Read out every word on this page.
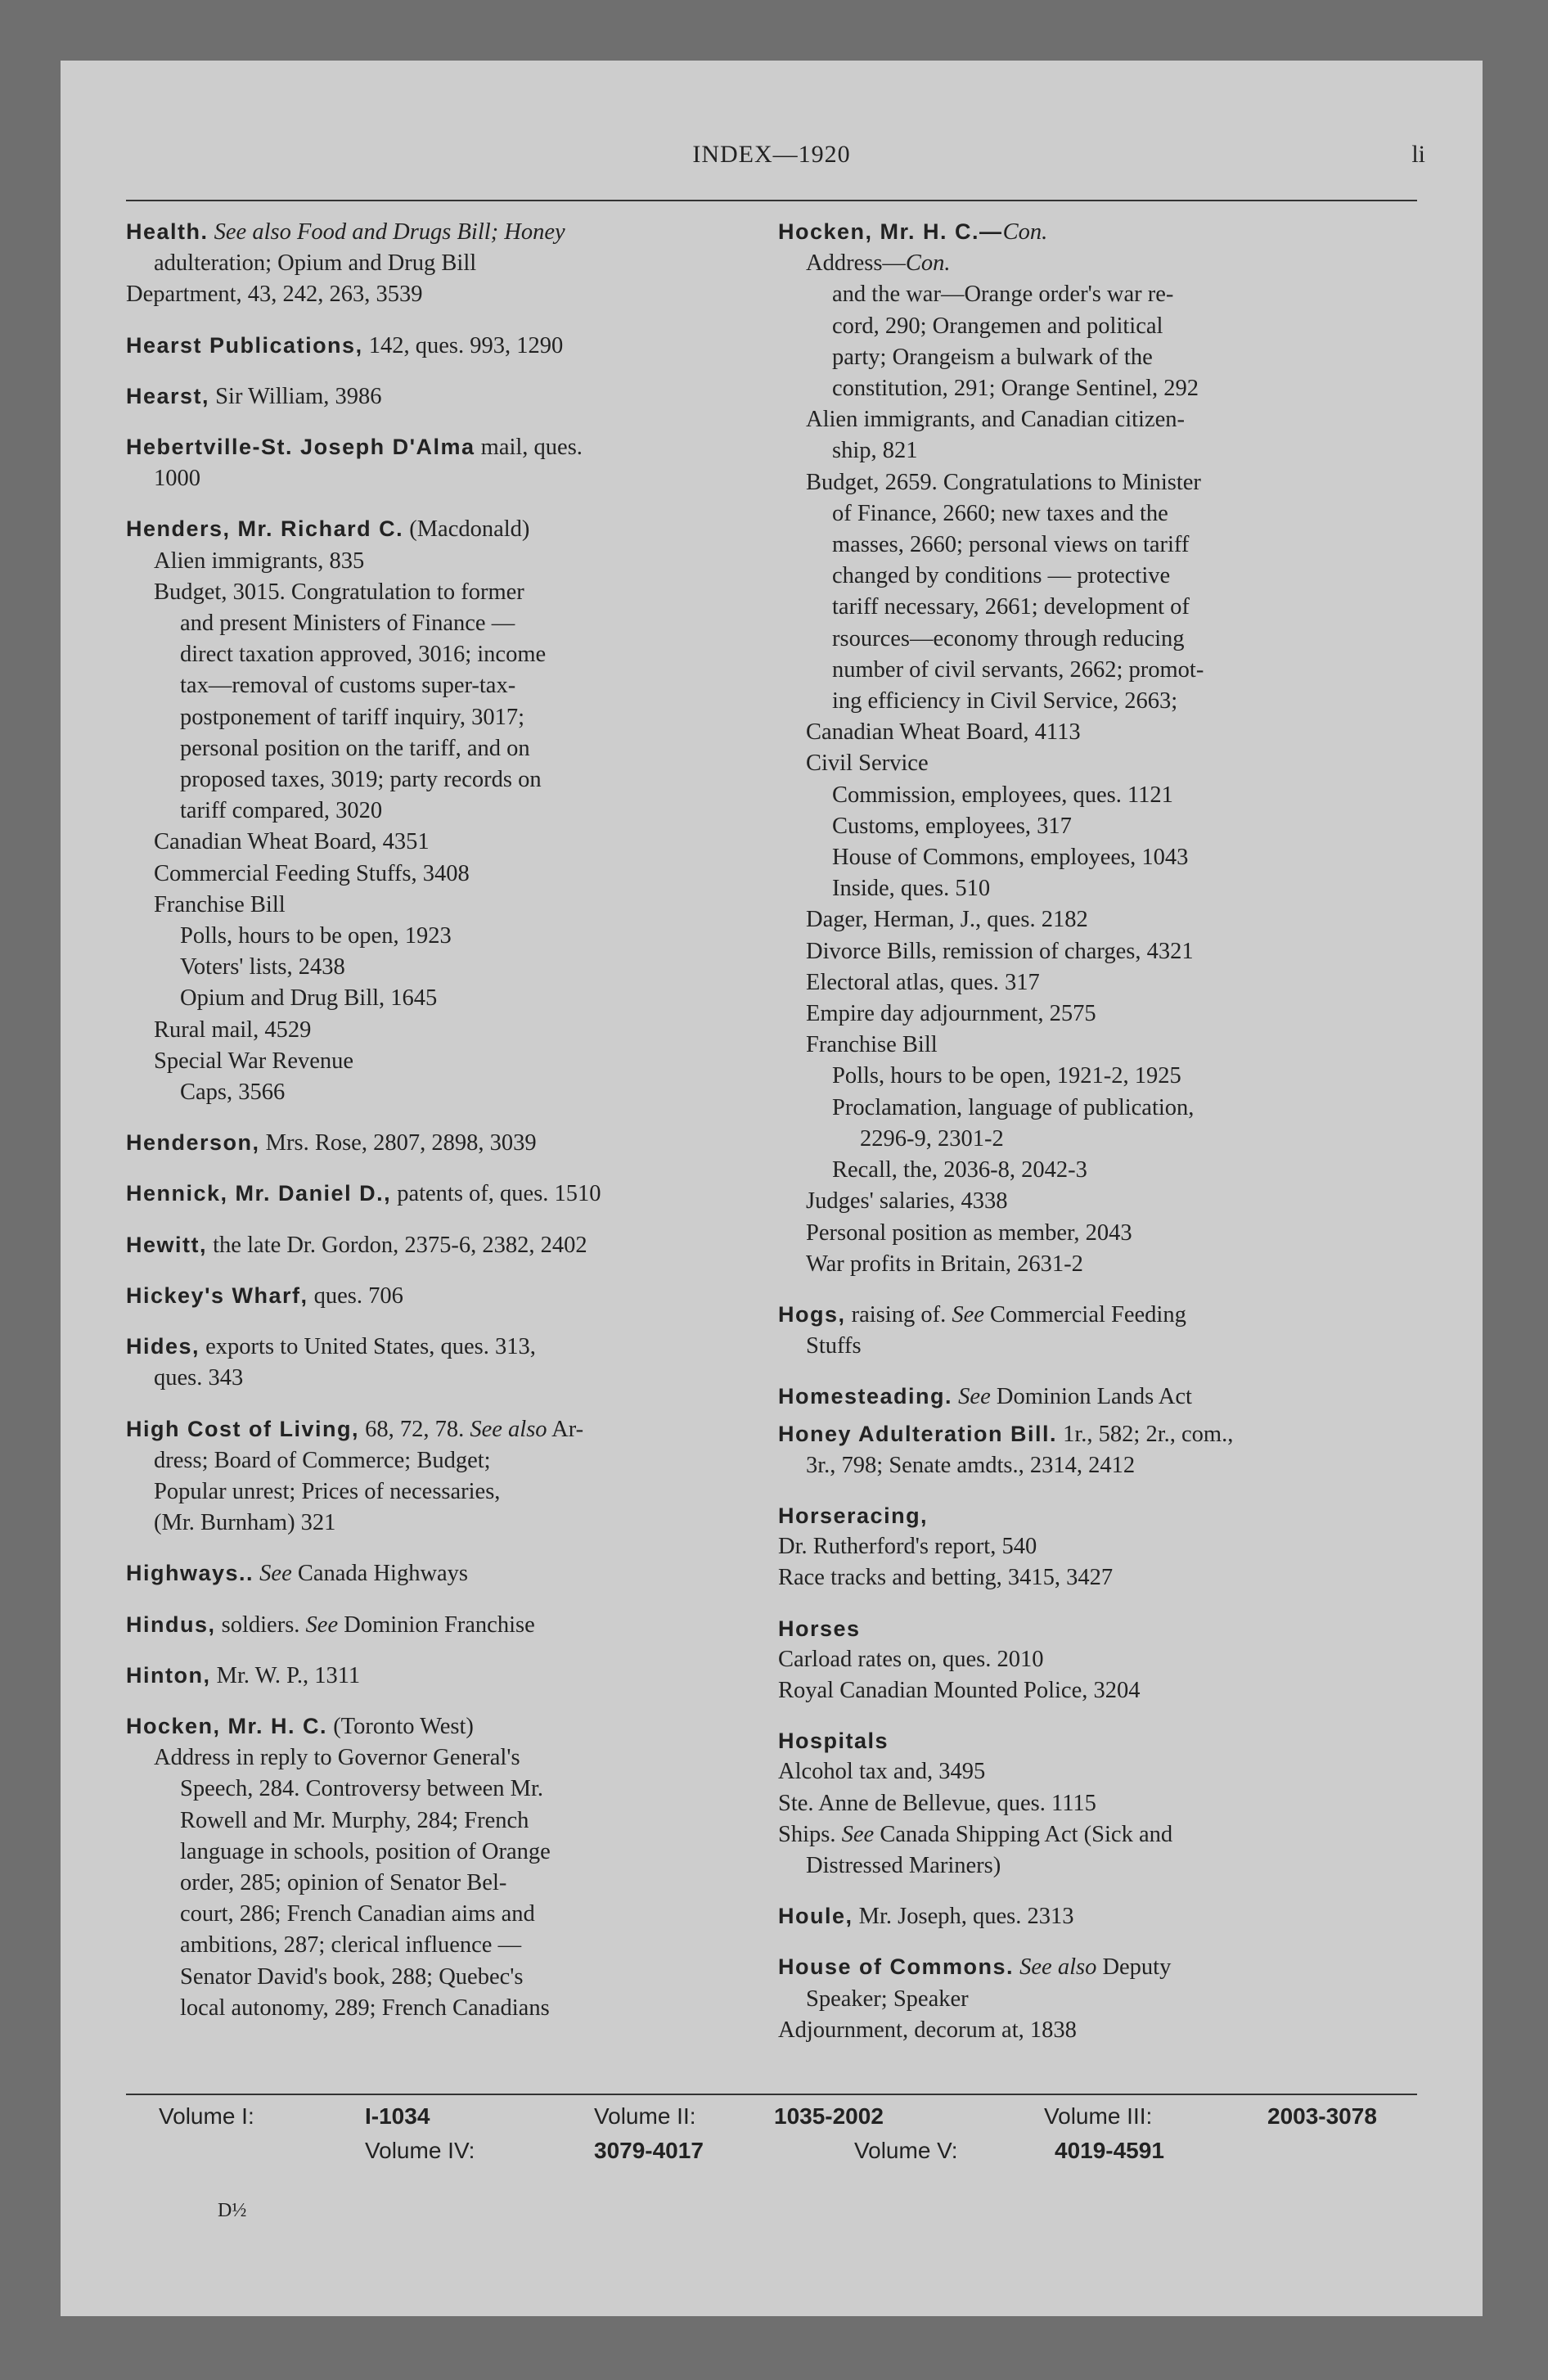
INDEX—1920	li
Health. See also Food and Drugs Bill; Honey
adulteration; Opium and Drug Bill
Department, 43, 242, 263, 3539
Hearst Publications, 142, ques. 993, 1290
Hearst, Sir William, 3986
Hebertville-St. Joseph D'Alma mail, ques.
1000
Henders, Mr. Richard C. (Macdonald)
Alien immigrants, 835
Budget, 3015. Congratulation to former
and present Ministers of Finance —
direct taxation approved, 3016; income
tax—removal of customs super-tax-
postponement of tariff inquiry, 3017;
personal position on the tariff, and on
proposed taxes, 3019; party records on
tariff compared, 3020
Canadian Wheat Board, 4351
Commercial Feeding Stuffs, 3408
Franchise Bill
Polls, hours to be open, 1923
Voters' lists, 2438
Opium and Drug Bill, 1645
Rural mail, 4529
Special War Revenue
Caps, 3566
Henderson, Mrs. Rose, 2807, 2898, 3039
Hennick, Mr. Daniel D., patents of, ques. 1510
Hewitt, the late Dr. Gordon, 2375-6, 2382, 2402
Hickey's Wharf, ques. 706
Hides, exports to United States, ques. 313,
ques. 343
High Cost of Living, 68, 72, 78. See also Ar-
dress; Board of Commerce; Budget;
Popular unrest; Prices of necessaries,
(Mr. Burnham) 321
Highways.. See Canada Highways
Hindus, soldiers. See Dominion Franchise
Hinton, Mr. W. P., 1311
Hocken, Mr. H. C. (Toronto West)
Address in reply to Governor General's
Speech, 284. Controversy between Mr.
Rowell and Mr. Murphy, 284; French
language in schools, position of Orange
order, 285; opinion of Senator Bel-
court, 286; French Canadian aims and
ambitions, 287; clerical influence —
Senator David's book, 288; Quebec's
local autonomy, 289; French Canadians
Hocken, Mr. H. C.—Con.
Address—Con.
and the war—Orange order's war re-
cord, 290; Orangemen and political
party; Orangeism a bulwark of the
constitution, 291; Orange Sentinel, 292
Alien immigrants, and Canadian citizen-
ship, 821
Budget, 2659. Congratulations to Minister
of Finance, 2660; new taxes and the
masses, 2660; personal views on tariff
changed by conditions — protective
tariff necessary, 2661; development of
rsources—economy through reducing
number of civil servants, 2662; promot-
ing efficiency in Civil Service, 2663;
Canadian Wheat Board, 4113
Civil Service
Commission, employees, ques. 1121
Customs, employees, 317
House of Commons, employees, 1043
Inside, ques. 510
Dager, Herman, J., ques. 2182
Divorce Bills, remission of charges, 4321
Electoral atlas, ques. 317
Empire day adjournment, 2575
Franchise Bill
Polls, hours to be open, 1921-2, 1925
Proclamation, language of publication,
2296-9, 2301-2
Recall, the, 2036-8, 2042-3
Judges' salaries, 4338
Personal position as member, 2043
War profits in Britain, 2631-2
Hogs, raising of. See Commercial Feeding
Stuffs
Homesteading. See Dominion Lands Act
Honey Adulteration Bill. 1r., 582; 2r., com.,
3r., 798; Senate amdts., 2314, 2412
Horseracing,
Dr. Rutherford's report, 540
Race tracks and betting, 3415, 3427
Horses
Carload rates on, ques. 2010
Royal Canadian Mounted Police, 3204
Hospitals
Alcohol tax and, 3495
Ste. Anne de Bellevue, ques. 1115
Ships. See Canada Shipping Act (Sick and
Distressed Mariners)
Houle, Mr. Joseph, ques. 2313
House of Commons. See also Deputy
Speaker; Speaker
Adjournment, decorum at, 1838
Volume I:	I-1034	Volume II:	1035-2002	Volume III:	2003-3078
Volume IV:	3079-4017	Volume V:	4019-4591
D½
